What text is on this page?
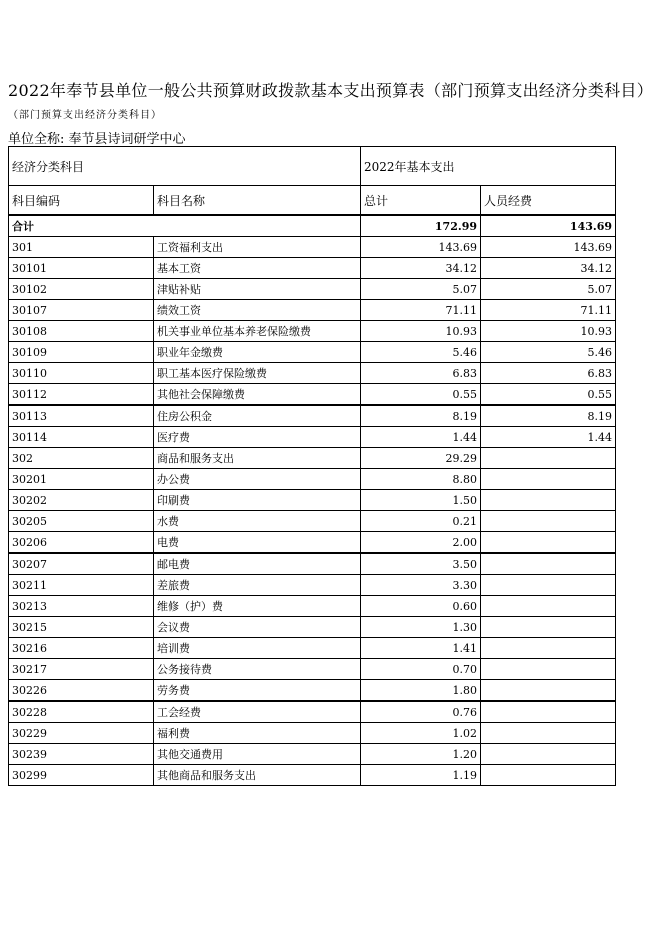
2022年奉节县单位一般公共预算财政拨款基本支出预算表（部门预算支出经济分类科目）
（部门预算支出经济分类科目）
单位全称: 奉节县诗词研学中心
经济分类科目		2022年基本支出	
科目编码	科目名称	总计	人员经费
合计		172.99	143.69
301	工资福利支出	143.69	143.69
30101	基本工资	34.12	34.12
30102	津贴补贴	5.07	5.07
30107	绩效工资	71.11	71.11
30108	机关事业单位基本养老保险缴费	10.93	10.93
30109	职业年金缴费	5.46	5.46
30110	职工基本医疗保险缴费	6.83	6.83
30112	其他社会保障缴费	0.55	0.55
30113	住房公积金	8.19	8.19
30114	医疗费	1.44	1.44
302	商品和服务支出	29.29	
30201	办公费	8.80	
30202	印刷费	1.50	
30205	水费	0.21	
30206	电费	2.00	
30207	邮电费	3.50	
30211	差旅费	3.30	
30213	维修（护）费	0.60	
30215	会议费	1.30	
30216	培训费	1.41	
30217	公务接待费	0.70	
30226	劳务费	1.80	
30228	工会经费	0.76	
30229	福利费	1.02	
30239	其他交通费用	1.20	
30299	其他商品和服务支出	1.19	
